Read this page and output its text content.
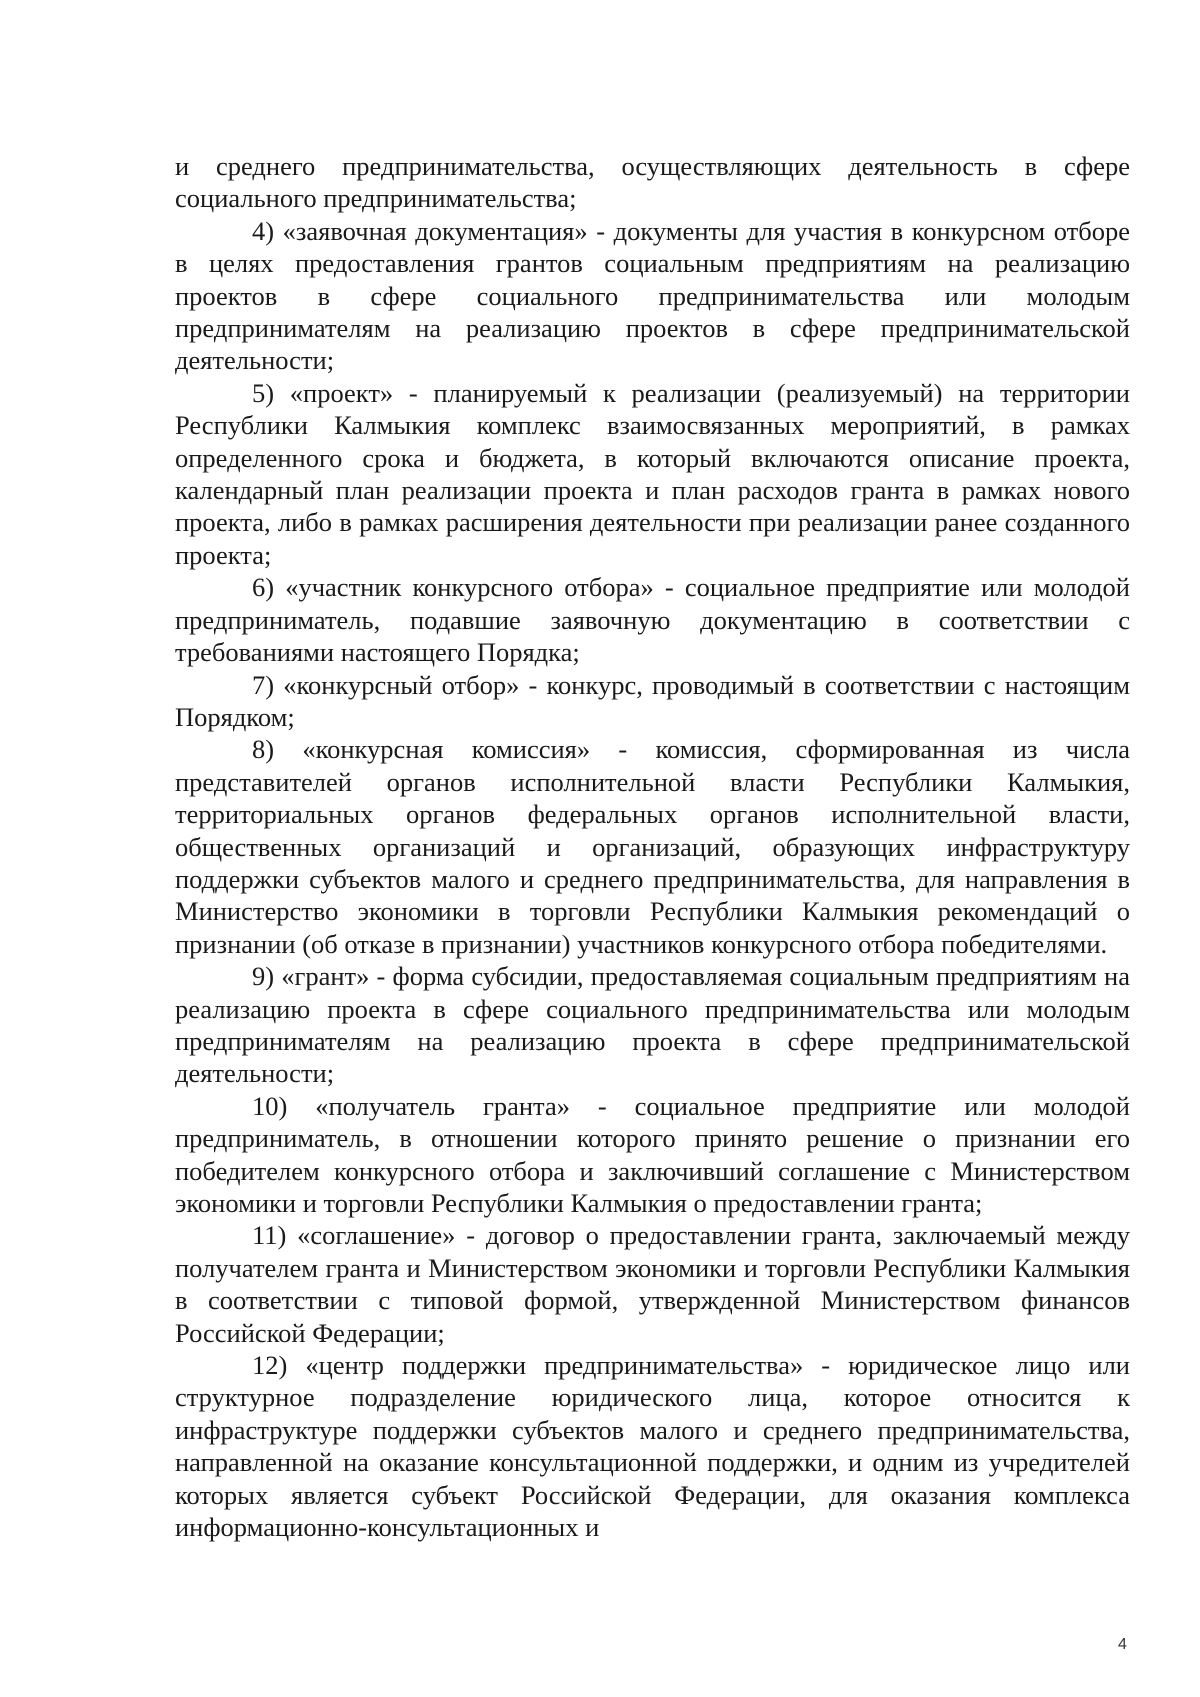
и среднего предпринимательства, осуществляющих деятельность в сфере социального предпринимательства;

4) «заявочная документация» - документы для участия в конкурсном отборе в целях предоставления грантов социальным предприятиям на реализацию проектов в сфере социального предпринимательства или молодым предпринимателям на реализацию проектов в сфере предпринимательской деятельности;

5) «проект» - планируемый к реализации (реализуемый) на территории Республики Калмыкия комплекс взаимосвязанных мероприятий, в рамках определенного срока и бюджета, в который включаются описание проекта, календарный план реализации проекта и план расходов гранта в рамках нового проекта, либо в рамках расширения деятельности при реализации ранее созданного проекта;

6) «участник конкурсного отбора» - социальное предприятие или молодой предприниматель, подавшие заявочную документацию в соответствии с требованиями настоящего Порядка;

7) «конкурсный отбор» - конкурс, проводимый в соответствии с настоящим Порядком;

8) «конкурсная комиссия» - комиссия, сформированная из числа представителей органов исполнительной власти Республики Калмыкия, территориальных органов федеральных органов исполнительной власти, общественных организаций и организаций, образующих инфраструктуру поддержки субъектов малого и среднего предпринимательства, для направления в Министерство экономики в торговли Республики Калмыкия рекомендаций о признании (об отказе в признании) участников конкурсного отбора победителями.

9) «грант» - форма субсидии, предоставляемая социальным предприятиям на реализацию проекта в сфере социального предпринимательства или молодым предпринимателям на реализацию проекта в сфере предпринимательской деятельности;

10) «получатель гранта» - социальное предприятие или молодой предприниматель, в отношении которого принято решение о признании его победителем конкурсного отбора и заключивший соглашение с Министерством экономики и торговли Республики Калмыкия о предоставлении гранта;

11) «соглашение» - договор о предоставлении гранта, заключаемый между получателем гранта и Министерством экономики и торговли Республики Калмыкия в соответствии с типовой формой, утвержденной Министерством финансов Российской Федерации;

12) «центр поддержки предпринимательства» - юридическое лицо или структурное подразделение юридического лица, которое относится к инфраструктуре поддержки субъектов малого и среднего предпринимательства, направленной на оказание консультационной поддержки, и одним из учредителей которых является субъект Российской Федерации, для оказания комплекса информационно-консультационных и

4
